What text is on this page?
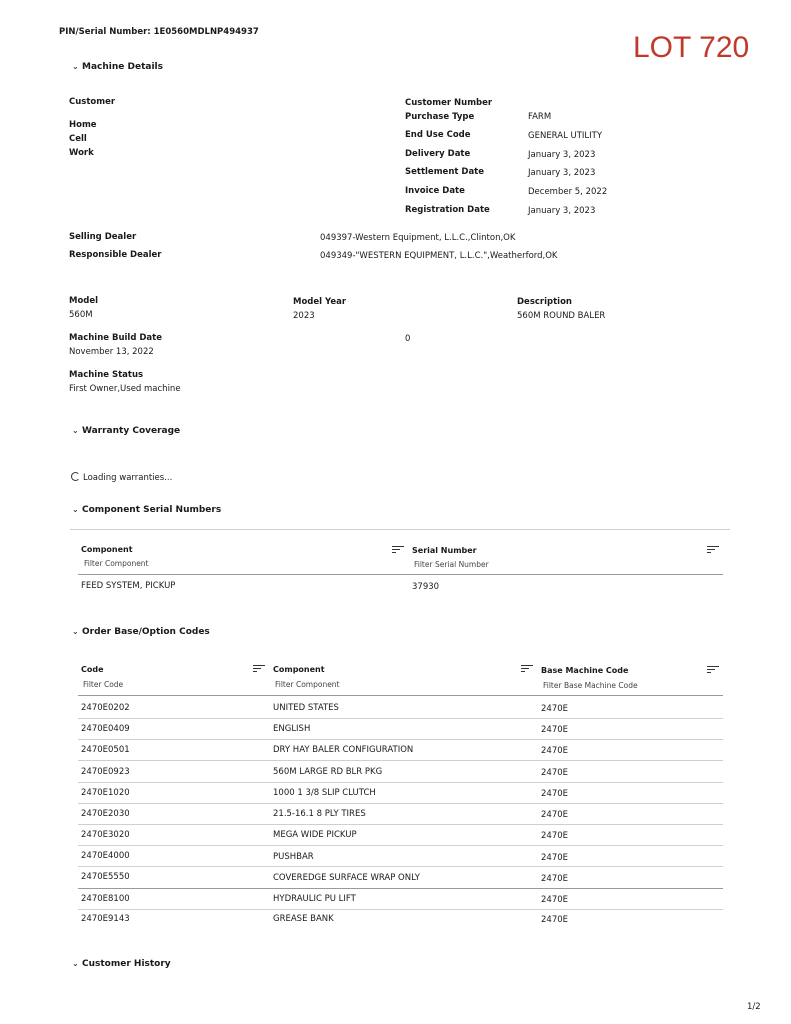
PIN/Serial Number: 1E0560MDLNP494937	LOT 720
⌄ Machine Details
Customer
Home
Cell
Work
Customer Number
Purchase Type	FARM
End Use Code	GENERAL UTILITY
Delivery Date	January 3, 2023
Settlement Date	January 3, 2023
Invoice Date	December 5, 2022
Registration Date	January 3, 2023
Selling Dealer	049397-Western Equipment, L.L.C.,Clinton,OK
Responsible Dealer	049349-"WESTERN EQUIPMENT, L.L.C.",Weatherford,OK
Model
560M
Model Year
2023
Description
560M ROUND BALER
Machine Build Date
November 13, 2022
0
Machine Status
First Owner,Used machine
⌄ Warranty Coverage
Loading warranties...
⌄ Component Serial Numbers
Component
Filter Component
Serial Number
Filter Serial Number
FEED SYSTEM, PICKUP	37930
⌄ Order Base/Option Codes
Code
Filter Code
Component
Filter Component
Base Machine Code
Filter Base Machine Code
2470E0202	UNITED STATES	2470E
2470E0409	ENGLISH	2470E
2470E0501	DRY HAY BALER CONFIGURATION	2470E
2470E0923	560M LARGE RD BLR PKG	2470E
2470E1020	1000 1 3/8 SLIP CLUTCH	2470E
2470E2030	21.5-16.1 8 PLY TIRES	2470E
2470E3020	MEGA WIDE PICKUP	2470E
2470E4000	PUSHBAR	2470E
2470E5550	COVEREDGE SURFACE WRAP ONLY	2470E
2470E8100	HYDRAULIC PU LIFT	2470E
2470E9143	GREASE BANK	2470E
⌄ Customer History
1/2
